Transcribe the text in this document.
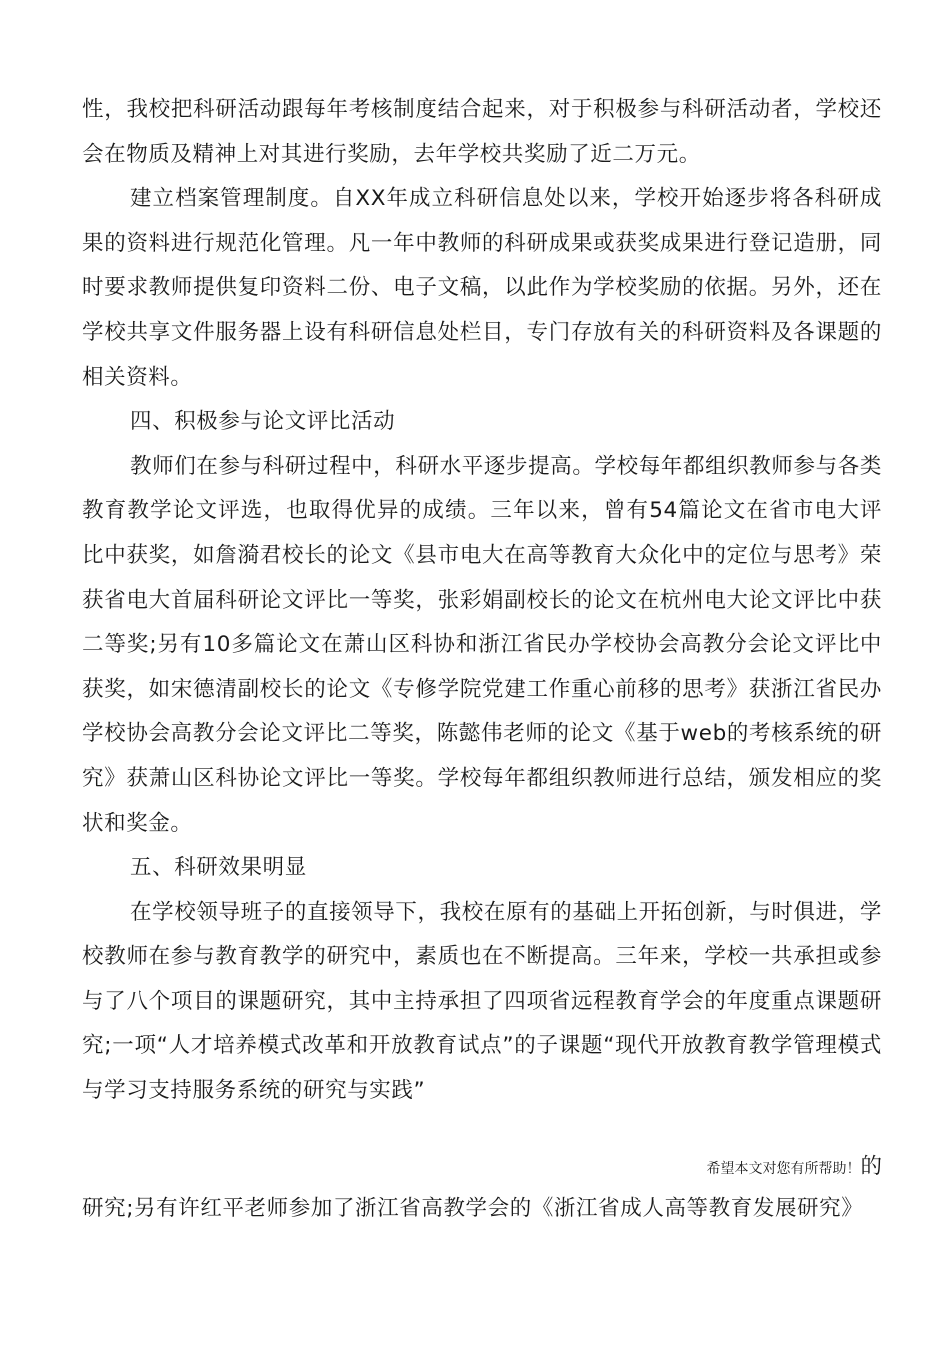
性，我校把科研活动跟每年考核制度结合起来，对于积极参与科研活动者，学校还会在物质及精神上对其进行奖励，去年学校共奖励了近二万元。

建立档案管理制度。自XX年成立科研信息处以来，学校开始逐步将各科研成果的资料进行规范化管理。凡一年中教师的科研成果或获奖成果进行登记造册，同时要求教师提供复印资料二份、电子文稿，以此作为学校奖励的依据。另外，还在学校共享文件服务器上设有科研信息处栏目，专门存放有关的科研资料及各课题的相关资料。

四、积极参与论文评比活动

教师们在参与科研过程中，科研水平逐步提高。学校每年都组织教师参与各类教育教学论文评选，也取得优异的成绩。三年以来，曾有54篇论文在省市电大评比中获奖，如詹漪君校长的论文《县市电大在高等教育大众化中的定位与思考》荣获省电大首届科研论文评比一等奖，张彩娟副校长的论文在杭州电大论文评比中获二等奖;另有10多篇论文在萧山区科协和浙江省民办学校协会高教分会论文评比中获奖，如宋德清副校长的论文《专修学院党建工作重心前移的思考》获浙江省民办学校协会高教分会论文评比二等奖，陈懿伟老师的论文《基于web的考核系统的研究》获萧山区科协论文评比一等奖。学校每年都组织教师进行总结，颁发相应的奖状和奖金。

五、科研效果明显

在学校领导班子的直接领导下，我校在原有的基础上开拓创新，与时俱进，学校教师在参与教育教学的研究中，素质也在不断提高。三年来，学校一共承担或参与了八个项目的课题研究，其中主持承担了四项省远程教育学会的年度重点课题研究;一项“人才培养模式改革和开放教育试点”的子课题“现代开放教育教学管理模式与学习支持服务系统的研究与实践”

希望本文对您有所帮助！的
研究;另有许红平老师参加了浙江省高教学会的《浙江省成人高等教育发展研究》
